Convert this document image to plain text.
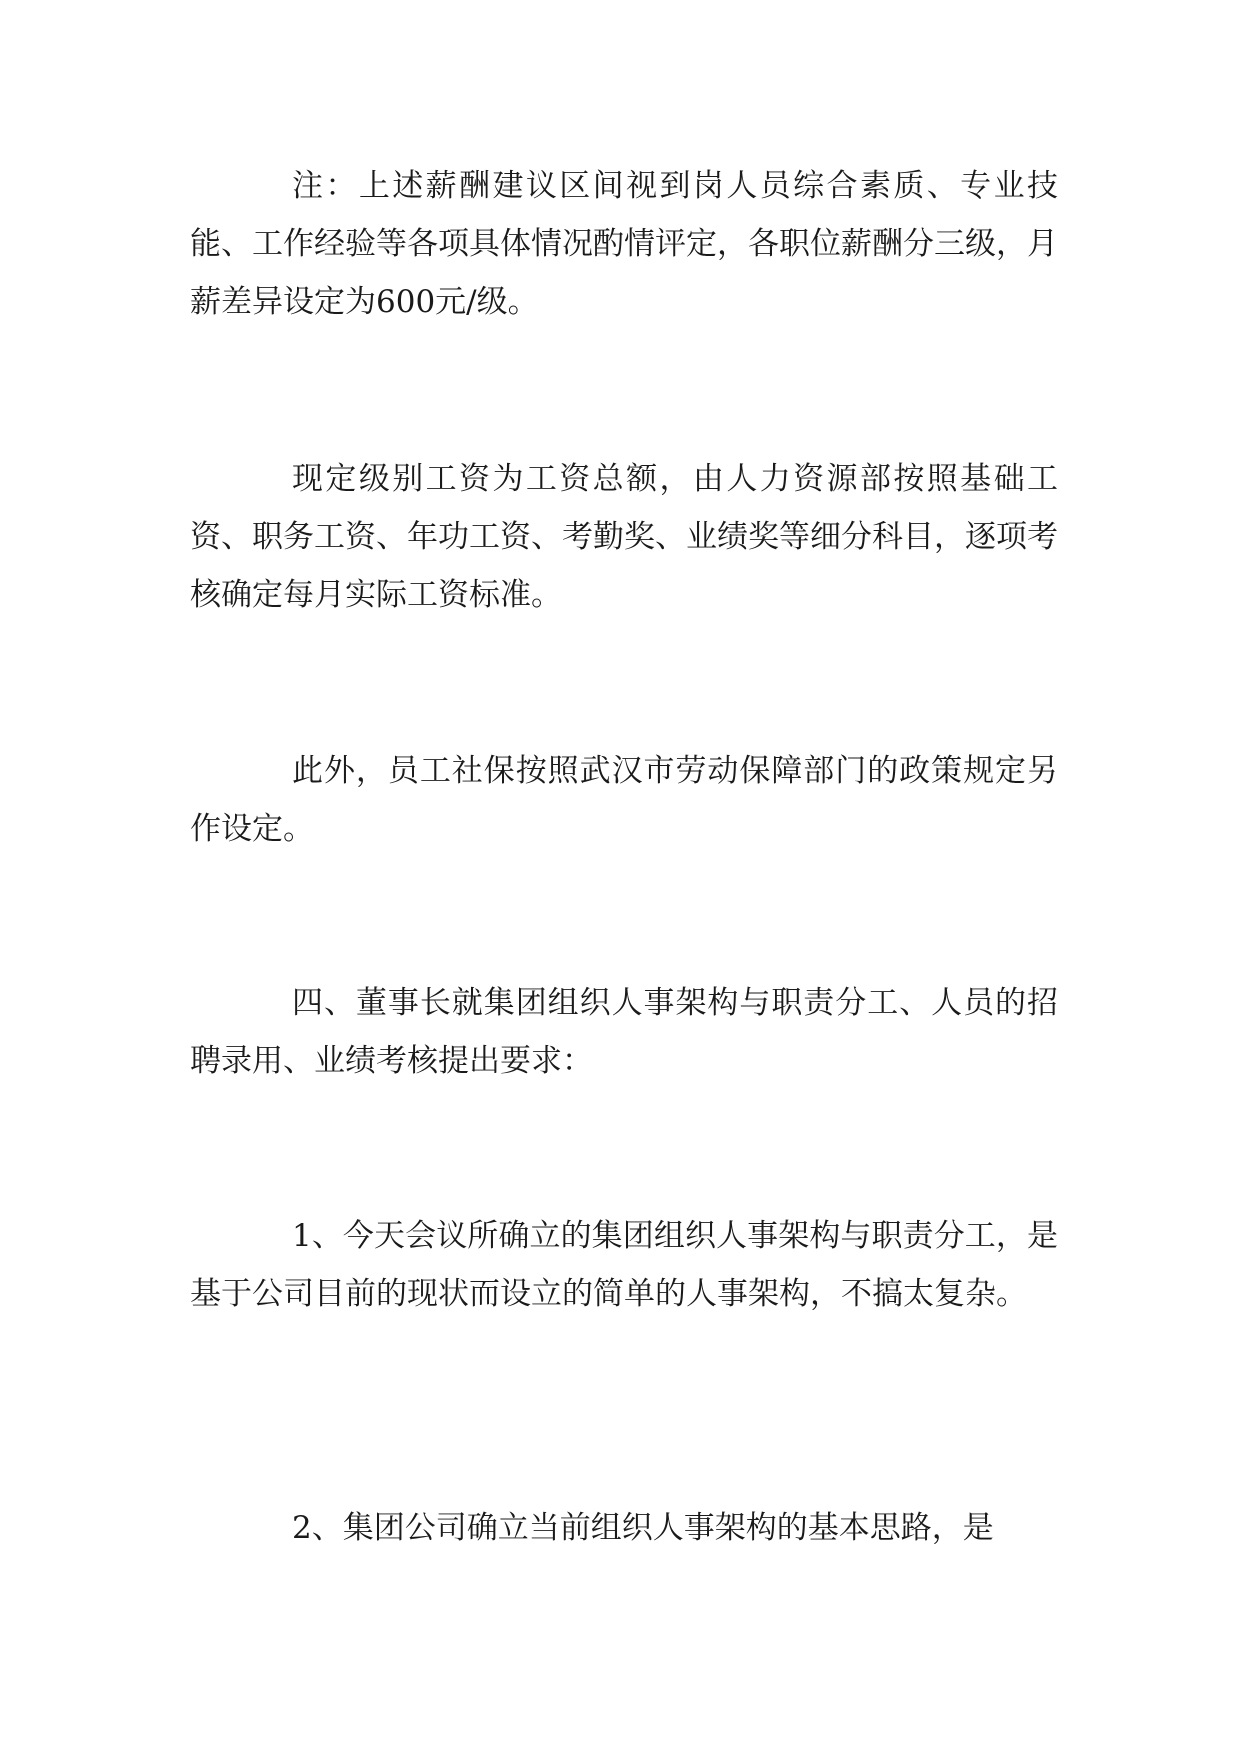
注：上述薪酬建议区间视到岗人员综合素质、专业技能、工作经验等各项具体情况酌情评定，各职位薪酬分三级，月薪差异设定为600元/级。

现定级别工资为工资总额，由人力资源部按照基础工资、职务工资、年功工资、考勤奖、业绩奖等细分科目，逐项考核确定每月实际工资标准。

此外，员工社保按照武汉市劳动保障部门的政策规定另作设定。

四、董事长就集团组织人事架构与职责分工、人员的招聘录用、业绩考核提出要求：

1、今天会议所确立的集团组织人事架构与职责分工，是基于公司目前的现状而设立的简单的人事架构，不搞太复杂。

2、集团公司确立当前组织人事架构的基本思路，是
